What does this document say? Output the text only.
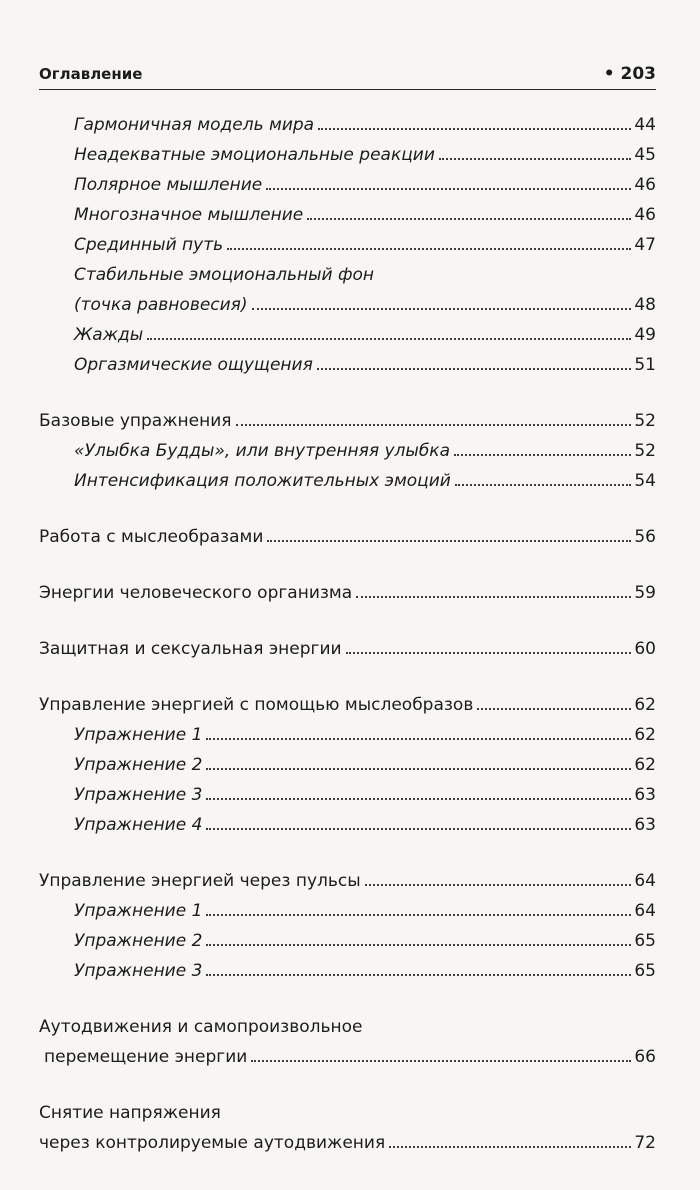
Оглавление	• 203
Гармоничная модель мира	44
Неадекватные эмоциональные реакции	45
Полярное мышление	46
Многозначное мышление	46
Срединный путь	47
Стабильные эмоциональный фон
(точка равновесия)	48
Жажды	49
Оргазмические ощущения	51
Базовые упражнения	52
«Улыбка Будды», или внутренняя улыбка	52
Интенсификация положительных эмоций	54
Работа с мыслеобразами	56
Энергии человеческого организма	59
Защитная и сексуальная энергии	60
Управление энергией с помощью мыслеобразов	62
Упражнение 1	62
Упражнение 2	62
Упражнение 3	63
Упражнение 4	63
Управление энергией через пульсы	64
Упражнение 1	64
Упражнение 2	65
Упражнение 3	65
Аутодвижения и самопроизвольное
перемещение энергии	66
Снятие напряжения
через контролируемые аутодвижения	72
